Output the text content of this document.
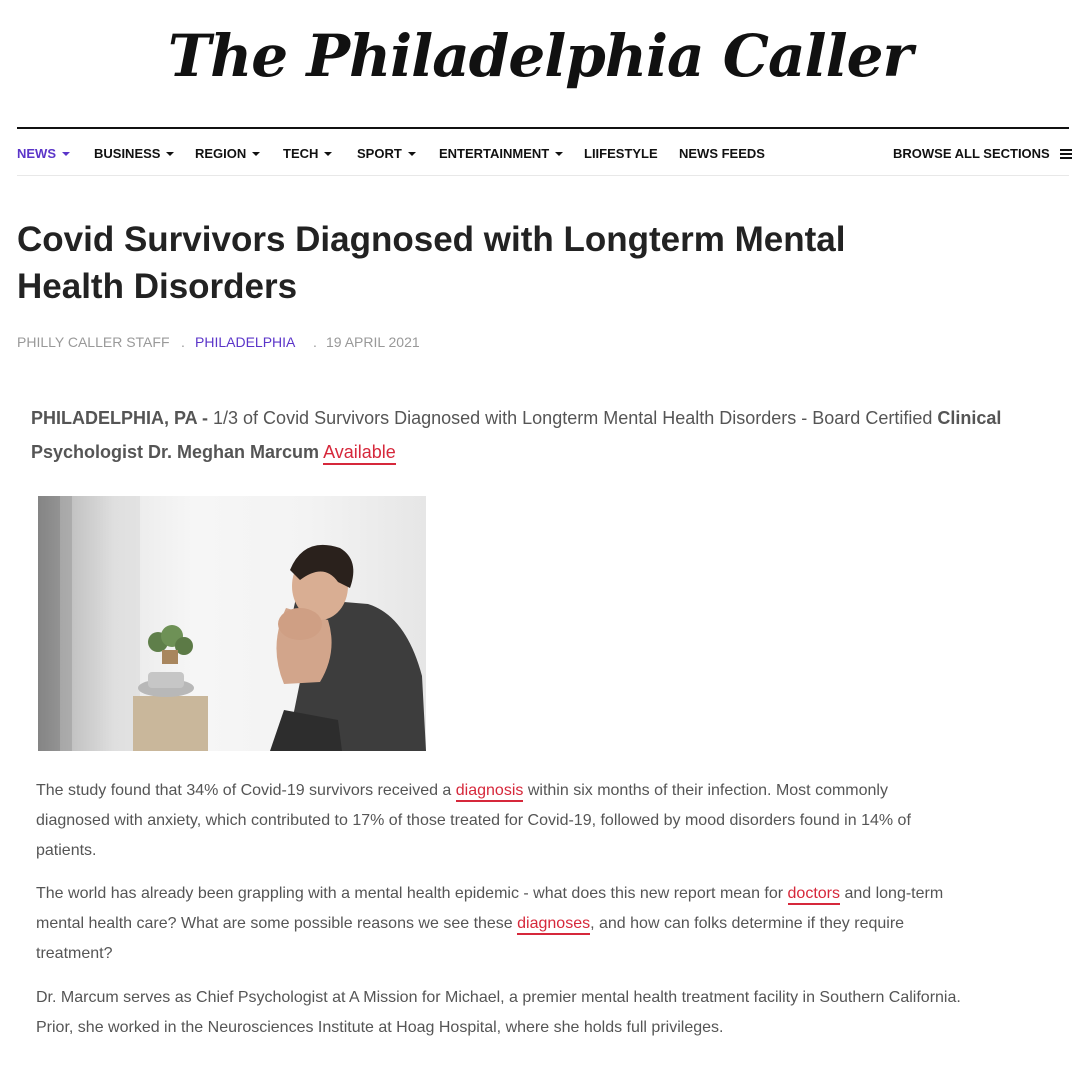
The Philadelphia Caller
NEWS	BUSINESS	REGION	TECH	SPORT	ENTERTAINMENT	LIIFESTYLE NEWS FEEDS	BROWSE ALL SECTIONS
Covid Survivors Diagnosed with Longterm Mental Health Disorders
PHILLY CALLER STAFF . PHILADELPHIA . 19 APRIL 2021

PHILADELPHIA, PA - 1/3 of Covid Survivors Diagnosed with Longterm Mental Health Disorders - Board Certified Clinical Psychologist Dr. Meghan Marcum Available

The study found that 34% of Covid-19 survivors received a diagnosis within six months of their infection. Most commonly diagnosed with anxiety, which contributed to 17% of those treated for Covid-19, followed by mood disorders found in 14% of patients.

The world has already been grappling with a mental health epidemic - what does this new report mean for doctors and long-term mental health care? What are some possible reasons we see these diagnoses, and how can folks determine if they require treatment?

Dr. Marcum serves as Chief Psychologist at A Mission for Michael, a premier mental health treatment facility in Southern California. Prior, she worked in the Neurosciences Institute at Hoag Hospital, where she holds full privileges.
